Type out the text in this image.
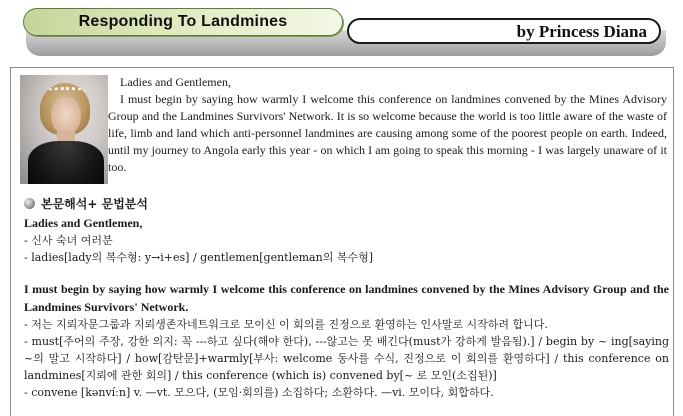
Responding To Landmines
by Princess Diana
Ladies and Gentlemen,
I must begin by saying how warmly I welcome this conference on landmines convened by the Mines Advisory Group and the Landmines Survivors' Network. It is so welcome because the world is too little aware of the waste of life, limb and land which anti-personnel landmines are causing among some of the poorest people on earth. Indeed, until my journey to Angola early this year - on which I am going to speak this morning - I was largely unaware of it too.
본문해석+ 문법분석
Ladies and Gentlemen,
- 신사 숙녀 여러분
- ladies[lady의 복수형: y→i+es] / gentlemen[gentleman의 복수형]
I must begin by saying how warmly I welcome this conference on landmines convened by the Mines Advisory Group and the Landmines Survivors' Network.
- 저는 지뢰자문그룹과 지뢰생존자네트워크로 모이신 이 회의를 진정으로 환영하는 인사말로 시작하려 합니다.
- must[주어의 주장, 강한 의지: 꼭 ---하고 싶다(해야 한다), ---않고는 못 배긴다(must가 강하게 발음됨).] / begin by ~ ing[saying ~의 말고 시작하다] / how[감탄문]+warmly[부사: welcome 동사를 수식, 진정으로 이 회의를 환영하다] / this conference on landmines[지뢰에 관한 회의] / this conference (which is) convened by[~ 로 모인(소집된)]
- convene [kənvíːn] v. —vt. 모으다, (모임·회의를) 소집하다; 소환하다. —vi. 모이다, 회합하다.
